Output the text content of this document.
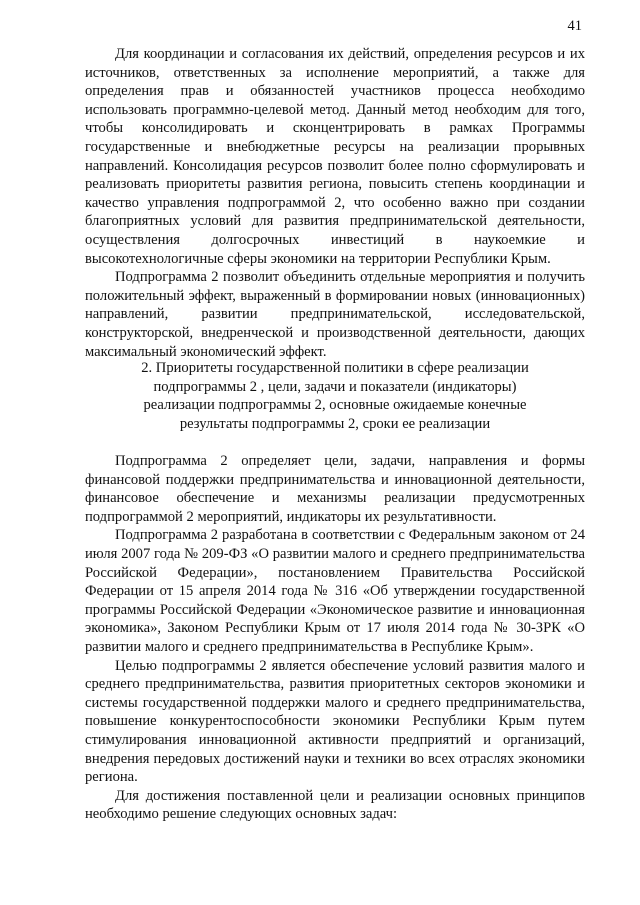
41

Для координации и согласования их действий, определения ресурсов и их источников, ответственных за исполнение мероприятий, а также для определения прав и обязанностей участников процесса необходимо использовать программно-целевой метод. Данный метод необходим для того, чтобы консолидировать и сконцентрировать в рамках Программы государственные и внебюджетные ресурсы на реализации прорывных направлений. Консолидация ресурсов позволит более полно сформулировать и реализовать приоритеты развития региона, повысить степень координации и качество управления подпрограммой 2, что особенно важно при создании благоприятных условий для развития предпринимательской деятельности, осуществления долгосрочных инвестиций в наукоемкие и высокотехнологичные сферы экономики на территории Республики Крым.

Подпрограмма 2 позволит объединить отдельные мероприятия и получить положительный эффект, выраженный в формировании новых (инновационных) направлений, развитии предпринимательской, исследовательской, конструкторской, внедренческой и производственной деятельности, дающих максимальный экономический эффект.

2. Приоритеты государственной политики в сфере реализации
подпрограммы 2 , цели, задачи и показатели (индикаторы)
реализации подпрограммы 2, основные ожидаемые конечные
результаты подпрограммы 2, сроки ее реализации

Подпрограмма 2 определяет цели, задачи, направления и формы финансовой поддержки предпринимательства и инновационной деятельности, финансовое обеспечение и механизмы реализации предусмотренных подпрограммой 2 мероприятий, индикаторы их результативности.

Подпрограмма 2 разработана в соответствии с Федеральным законом от 24 июля 2007 года № 209-ФЗ «О развитии малого и среднего предпринимательства Российской Федерации», постановлением Правительства Российской Федерации от 15 апреля 2014 года № 316 «Об утверждении государственной программы Российской Федерации «Экономическое развитие и инновационная экономика», Законом Республики Крым от 17 июля 2014 года № 30-ЗРК «О развитии малого и среднего предпринимательства в Республике Крым».

Целью подпрограммы 2 является обеспечение условий развития малого и среднего предпринимательства, развития приоритетных секторов экономики и системы государственной поддержки малого и среднего предпринимательства, повышение конкурентоспособности экономики Республики Крым путем стимулирования инновационной активности предприятий и организаций, внедрения передовых достижений науки и техники во всех отраслях экономики региона.

Для достижения поставленной цели и реализации основных принципов необходимо решение следующих основных задач:
